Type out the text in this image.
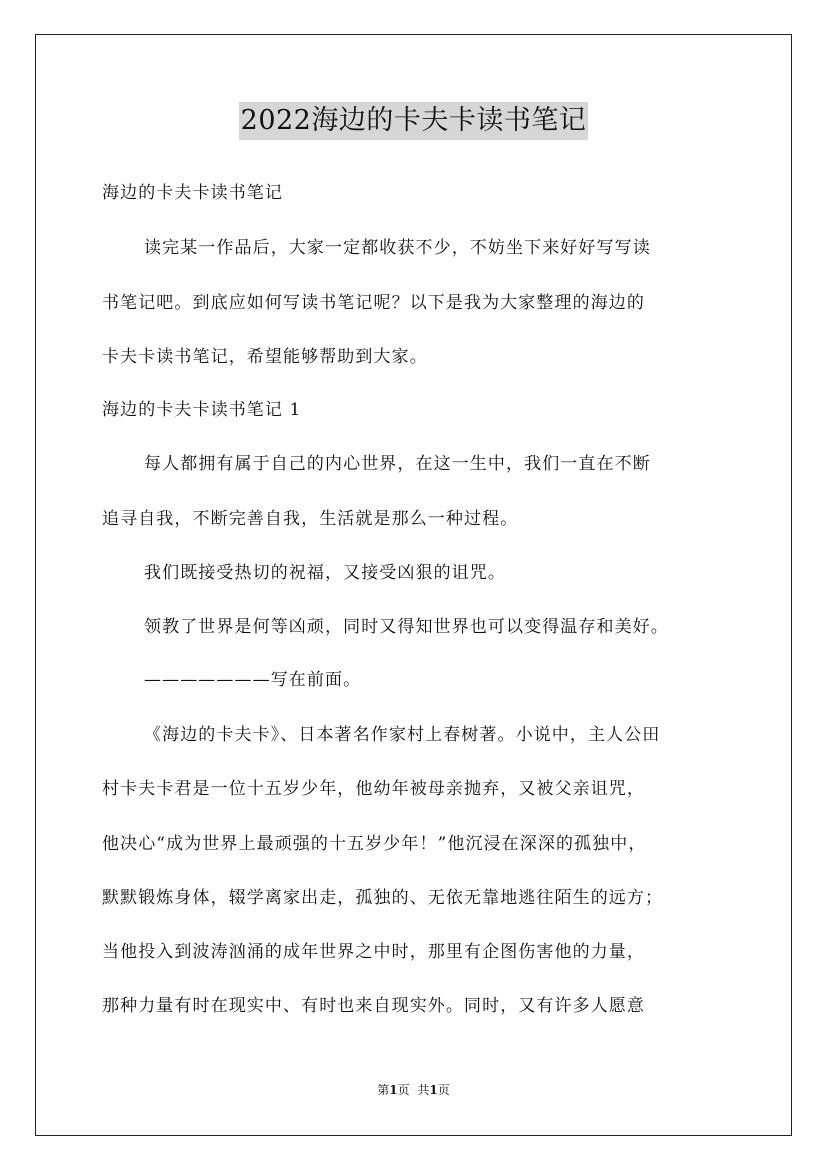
2022海边的卡夫卡读书笔记
海边的卡夫卡读书笔记
读完某一作品后，大家一定都收获不少，不妨坐下来好好写写读
书笔记吧。到底应如何写读书笔记呢？以下是我为大家整理的海边的
卡夫卡读书笔记，希望能够帮助到大家。
海边的卡夫卡读书笔记 1
每人都拥有属于自己的内心世界，在这一生中，我们一直在不断
追寻自我，不断完善自我，生活就是那么一种过程。
我们既接受热切的祝福，又接受凶狠的诅咒。
领教了世界是何等凶顽，同时又得知世界也可以变得温存和美好。
———————写在前面。
《海边的卡夫卡》、日本著名作家村上春树著。小说中，主人公田
村卡夫卡君是一位十五岁少年，他幼年被母亲抛弃，又被父亲诅咒，
他决心“成为世界上最顽强的十五岁少年！”他沉浸在深深的孤独中，
默默锻炼身体，辍学离家出走，孤独的、无依无靠地逃往陌生的远方；
当他投入到波涛汹涌的成年世界之中时，那里有企图伤害他的力量，
那种力量有时在现实中、有时也来自现实外。同时，又有许多人愿意
第1页 共1页
